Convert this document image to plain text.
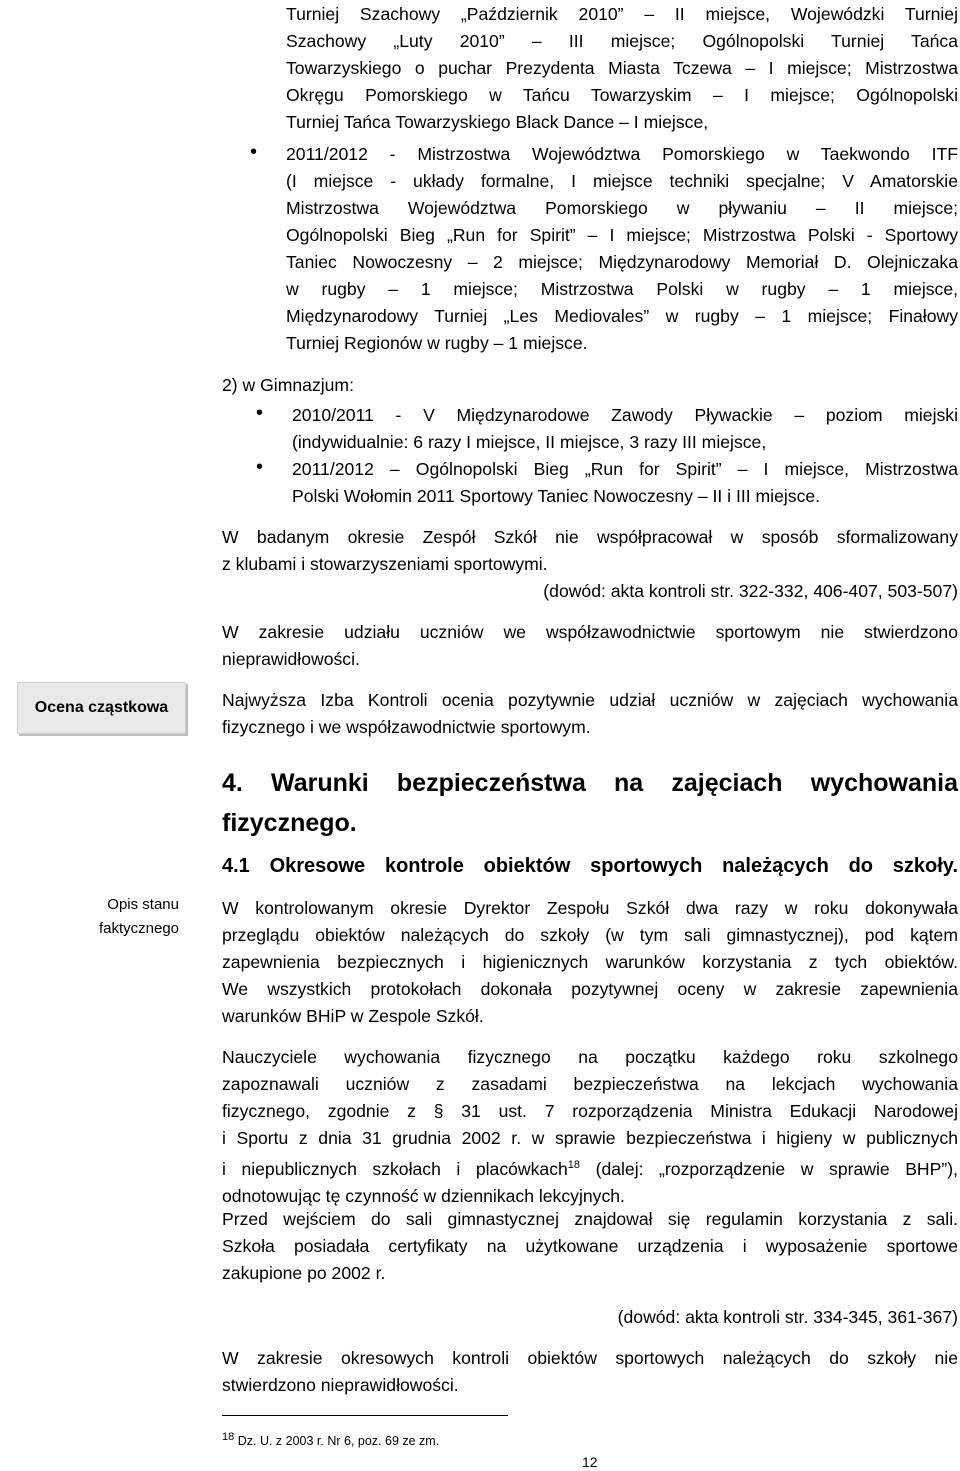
Ocena cząstkowa
Opis stanu
faktycznego
Turniej Szachowy „Październik 2010” – II miejsce, Wojewódzki Turniej
Szachowy „Luty 2010” – III miejsce; Ogólnopolski Turniej Tańca
Towarzyskiego o puchar Prezydenta Miasta Tczewa – I miejsce; Mistrzostwa
Okręgu Pomorskiego w Tańcu Towarzyskim – I miejsce; Ogólnopolski
Turniej Tańca Towarzyskiego Black Dance – I miejsce,
• 2011/2012 - Mistrzostwa Województwa Pomorskiego w Taekwondo ITF
(I miejsce - układy formalne, I miejsce techniki specjalne; V Amatorskie
Mistrzostwa Województwa Pomorskiego w pływaniu – II miejsce;
Ogólnopolski Bieg „Run for Spirit” – I miejsce; Mistrzostwa Polski - Sportowy
Taniec Nowoczesny – 2 miejsce; Międzynarodowy Memoriał D. Olejniczaka
w rugby – 1 miejsce; Mistrzostwa Polski w rugby – 1 miejsce,
Międzynarodowy Turniej „Les Mediovales” w rugby – 1 miejsce; Finałowy
Turniej Regionów w rugby – 1 miejsce.
2) w Gimnazjum:
• 2010/2011 - V Międzynarodowe Zawody Pływackie – poziom miejski
(indywidualnie: 6 razy I miejsce, II miejsce, 3 razy III miejsce,
• 2011/2012 – Ogólnopolski Bieg „Run for Spirit” – I miejsce, Mistrzostwa
Polski Wołomin 2011 Sportowy Taniec Nowoczesny – II i III miejsce.
W badanym okresie Zespół Szkół nie współpracował w sposób sformalizowany
z klubami i stowarzyszeniami sportowymi.
(dowód: akta kontroli str. 322-332, 406-407, 503-507)
W zakresie udziału uczniów we współzawodnictwie sportowym nie stwierdzono
nieprawidłowości.
Najwyższa Izba Kontroli ocenia pozytywnie udział uczniów w zajęciach wychowania
fizycznego i we współzawodnictwie sportowym.
4. Warunki bezpieczeństwa na zajęciach wychowania
fizycznego.
4.1 Okresowe kontrole obiektów sportowych należących do szkoły.
W kontrolowanym okresie Dyrektor Zespołu Szkół dwa razy w roku dokonywała
przeglądu obiektów należących do szkoły (w tym sali gimnastycznej), pod kątem
zapewnienia bezpiecznych i higienicznych warunków korzystania z tych obiektów.
We wszystkich protokołach dokonała pozytywnej oceny w zakresie zapewnienia
warunków BHiP w Zespole Szkół.
Nauczyciele wychowania fizycznego na początku każdego roku szkolnego
zapoznawali uczniów z zasadami bezpieczeństwa na lekcjach wychowania
fizycznego, zgodnie z § 31 ust. 7 rozporządzenia Ministra Edukacji Narodowej
i Sportu z dnia 31 grudnia 2002 r. w sprawie bezpieczeństwa i higieny w publicznych
i niepublicznych szkołach i placówkach$^{18}$ (dalej: „rozporządzenie w sprawie BHP”),
odnotowując tę czynność w dziennikach lekcyjnych.
Przed wejściem do sali gimnastycznej znajdował się regulamin korzystania z sali.
Szkoła posiadała certyfikaty na użytkowane urządzenia i wyposażenie sportowe
zakupione po 2002 r.
(dowód: akta kontroli str. 334-345, 361-367)
W zakresie okresowych kontroli obiektów sportowych należących do szkoły nie
stwierdzono nieprawidłowości.
$^{18}$ Dz. U. z 2003 r. Nr 6, poz. 69 ze zm.
12
